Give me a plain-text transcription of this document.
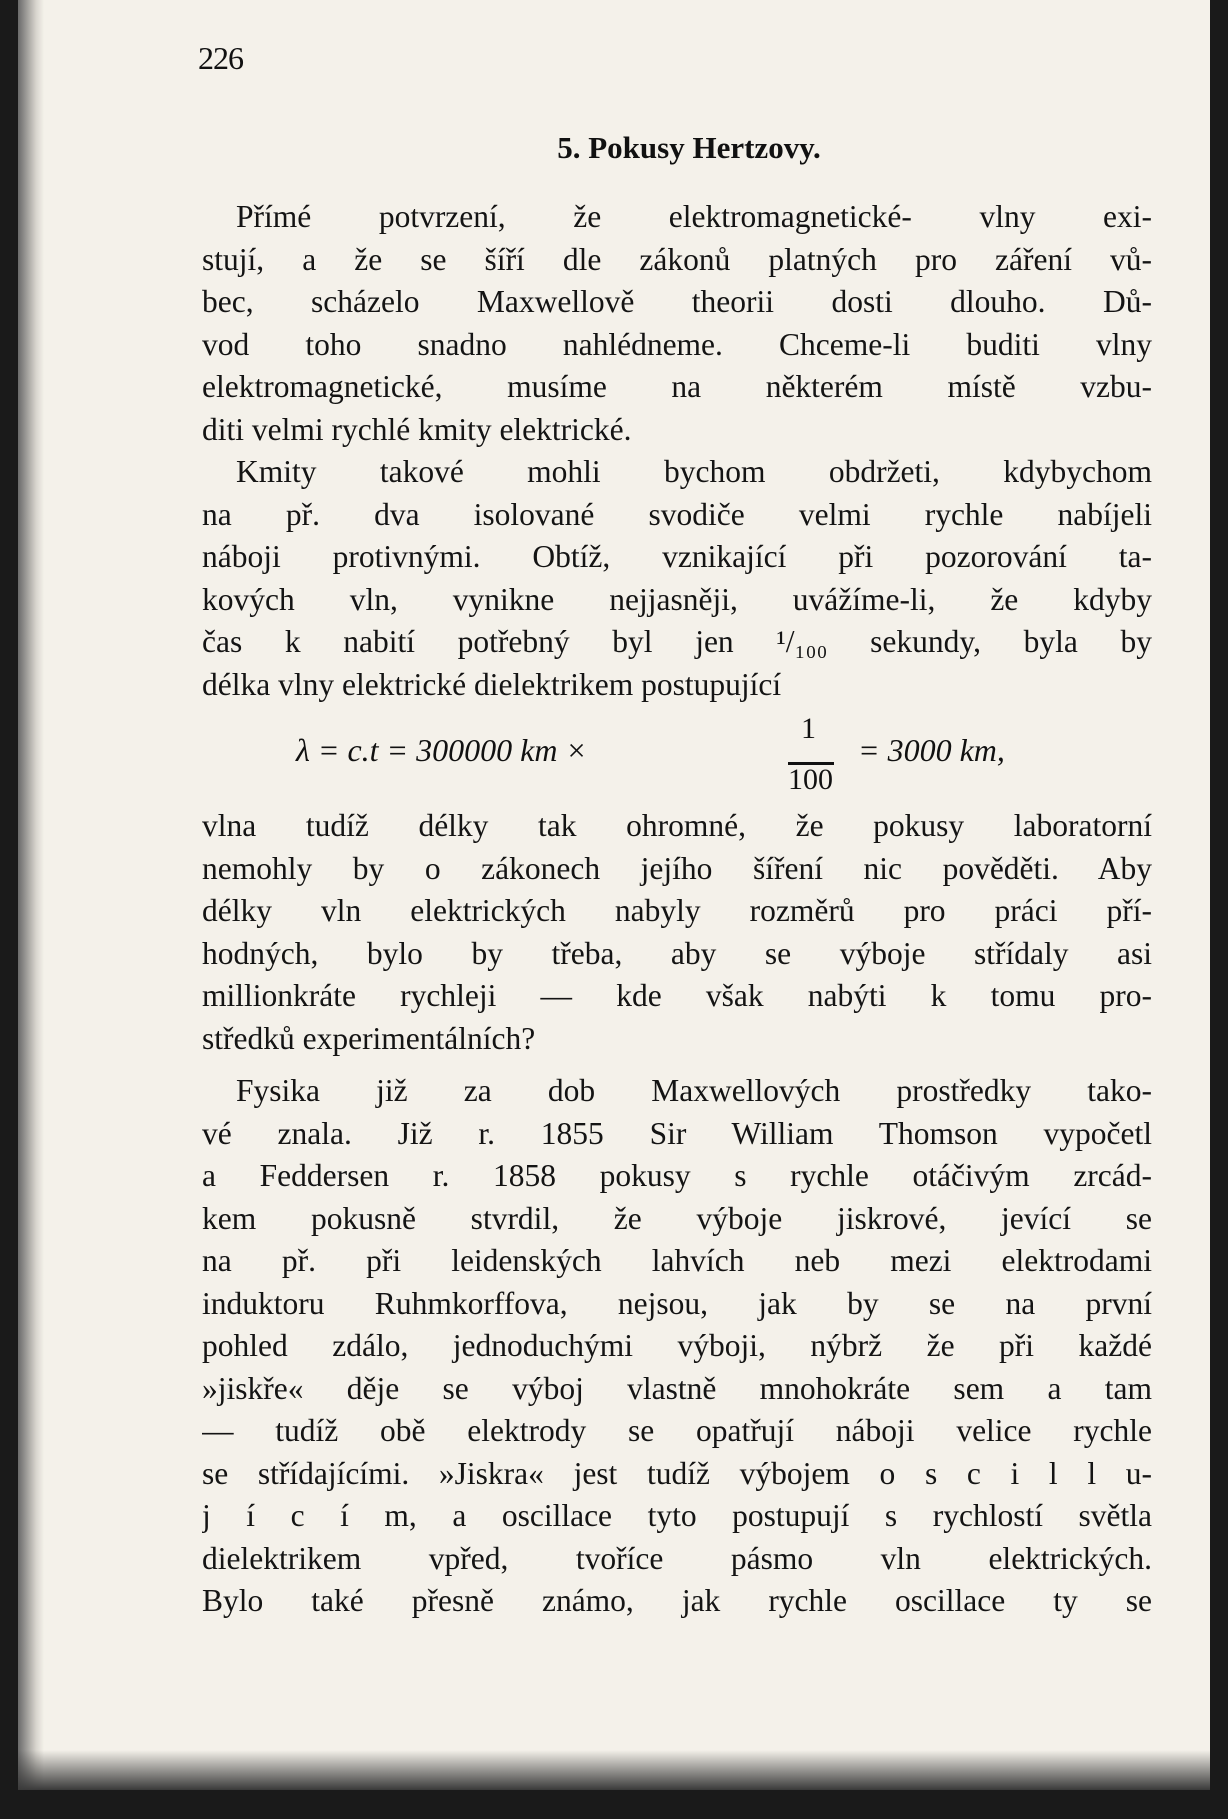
226
5. Pokusy Hertzovy.
Přímé potvrzení, že elektromagnetické- vlny exi-
stují, a že se šíří dle zákonů platných pro záření vů-
bec, scházelo Maxwellově theorii dosti dlouho. Dů-
vod toho snadno nahlédneme. Chceme-li buditi vlny
elektromagnetické, musíme na některém místě vzbu-
diti velmi rychlé kmity elektrické.
Kmity takové mohli bychom obdržeti, kdybychom
na př. dva isolované svodiče velmi rychle nabíjeli
náboji protivnými. Obtíž, vznikající při pozorování ta-
kových vln, vynikne nejjasněji, uvážíme-li, že kdyby
čas k nabití potřebný byl jen ¹/₁₀₀ sekundy, byla by
délka vlny elektrické dielektrikem postupující
λ = c.t = 300000 km ×
1
100
= 3000 km,
vlna tudíž délky tak ohromné, že pokusy laboratorní
nemohly by o zákonech jejího šíření nic pověděti. Aby
délky vln elektrických nabyly rozměrů pro práci pří-
hodných, bylo by třeba, aby se výboje střídaly asi
millionkráte rychleji — kde však nabýti k tomu pro-
středků experimentálních?
Fysika již za dob Maxwellových prostředky tako-
vé znala. Již r. 1855 Sir William Thomson vypočetl
a Feddersen r. 1858 pokusy s rychle otáčivým zrcád-
kem pokusně stvrdil, že výboje jiskrové, jevící se
na př. při leidenských lahvích neb mezi elektrodami
induktoru Ruhmkorffova, nejsou, jak by se na první
pohled zdálo, jednoduchými výboji, nýbrž že při každé
»jiskře« děje se výboj vlastně mnohokráte sem a tam
— tudíž obě elektrody se opatřují náboji velice rychle
se střídajícími. »Jiskra« jest tudíž výbojem o s c i l l u-
j í c í m, a oscillace tyto postupují s rychlostí světla
dielektrikem vpřed, tvoříce pásmo vln elektrických.
Bylo také přesně známo, jak rychle oscillace ty se
